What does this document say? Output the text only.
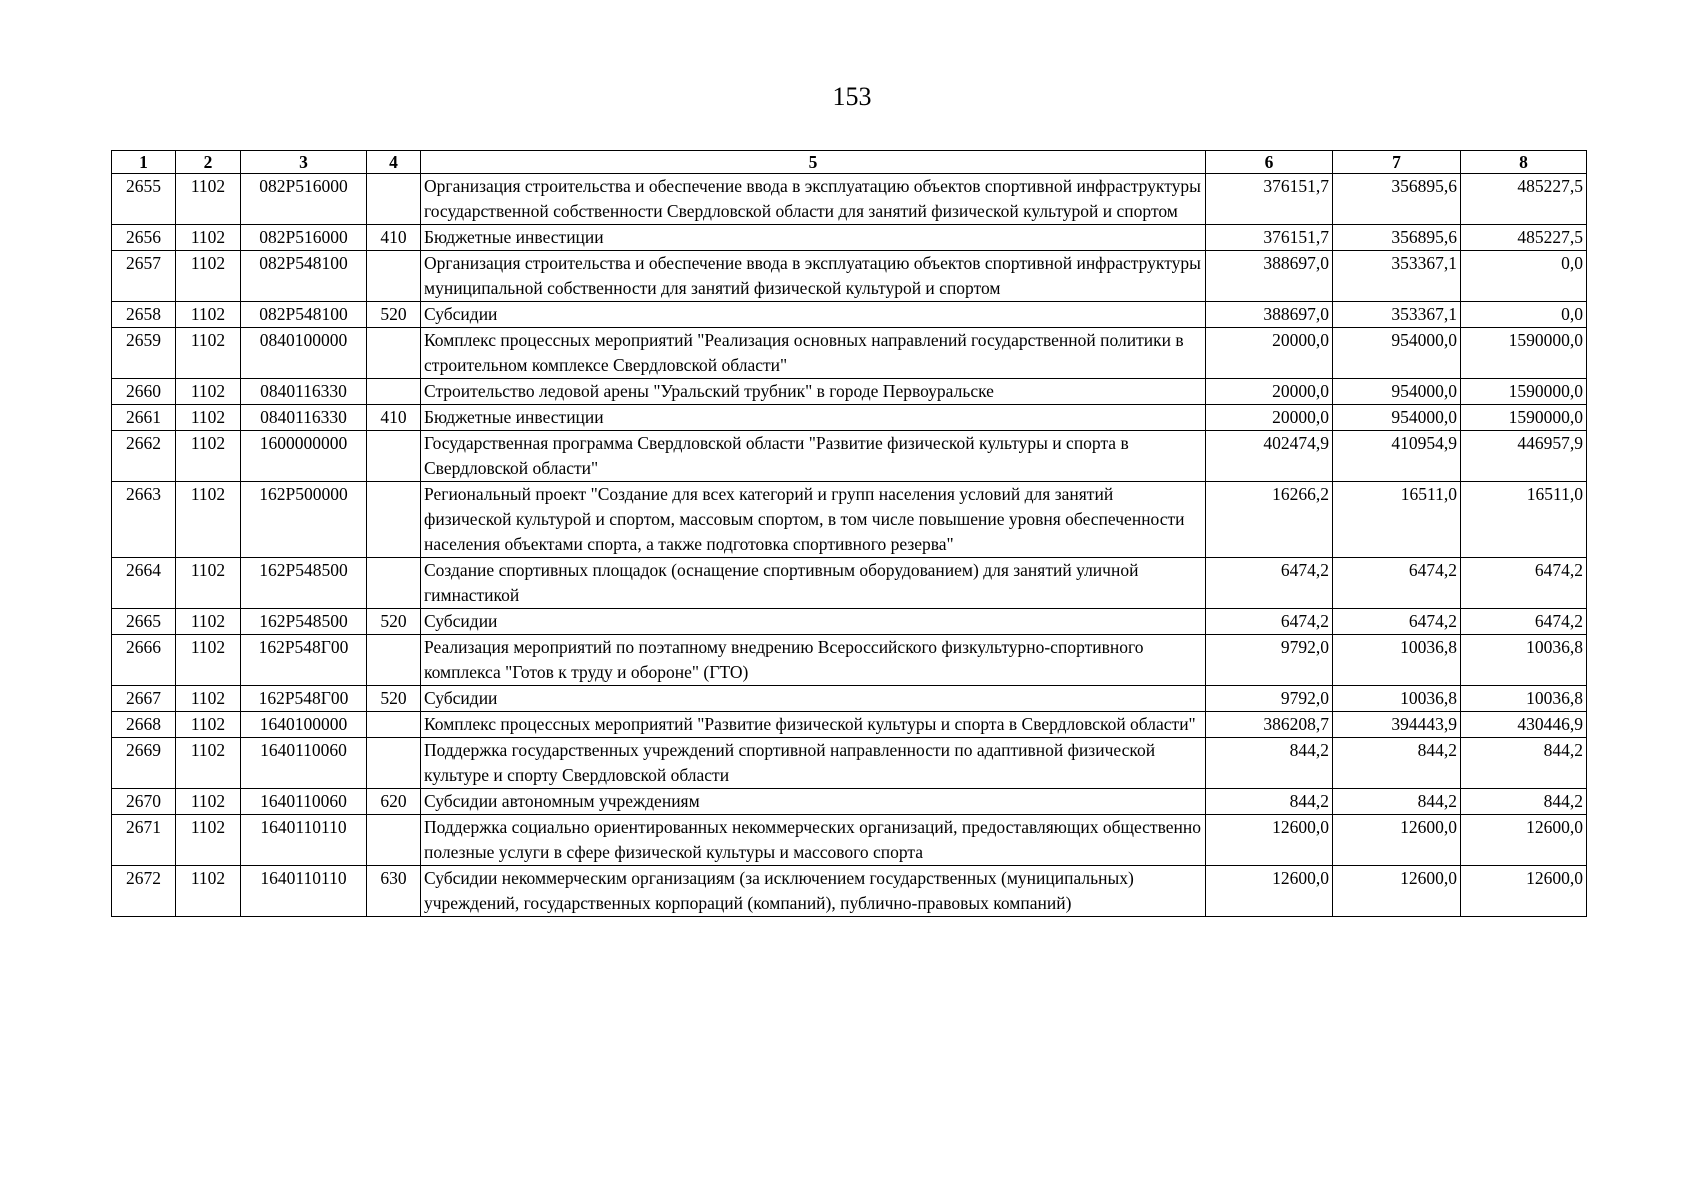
153
1	2	3	4	5	6	7	8
2655	1102	082P516000		Организация строительства и обеспечение ввода в эксплуатацию объектов спортивной инфраструктуры государственной собственности Свердловской области для занятий физической культурой и спортом	376151,7	356895,6	485227,5
2656	1102	082P516000	410	Бюджетные инвестиции	376151,7	356895,6	485227,5
2657	1102	082P548100		Организация строительства и обеспечение ввода в эксплуатацию объектов спортивной инфраструктуры муниципальной собственности для занятий физической культурой и спортом	388697,0	353367,1	0,0
2658	1102	082P548100	520	Субсидии	388697,0	353367,1	0,0
2659	1102	0840100000		Комплекс процессных мероприятий "Реализация основных направлений государственной политики в строительном комплексе Свердловской области"	20000,0	954000,0	1590000,0
2660	1102	0840116330		Строительство ледовой арены "Уральский трубник" в городе Первоуральске	20000,0	954000,0	1590000,0
2661	1102	0840116330	410	Бюджетные инвестиции	20000,0	954000,0	1590000,0
2662	1102	1600000000		Государственная программа Свердловской области "Развитие физической культуры и спорта в Свердловской области"	402474,9	410954,9	446957,9
2663	1102	162P500000		Региональный проект "Создание для всех категорий и групп населения условий для занятий физической культурой и спортом, массовым спортом, в том числе повышение уровня обеспеченности населения объектами спорта, а также подготовка спортивного резерва"	16266,2	16511,0	16511,0
2664	1102	162P548500		Создание спортивных площадок (оснащение спортивным оборудованием) для занятий уличной гимнастикой	6474,2	6474,2	6474,2
2665	1102	162P548500	520	Субсидии	6474,2	6474,2	6474,2
2666	1102	162P548Г00		Реализация мероприятий по поэтапному внедрению Всероссийского физкультурно-спортивного комплекса "Готов к труду и обороне" (ГТО)	9792,0	10036,8	10036,8
2667	1102	162P548Г00	520	Субсидии	9792,0	10036,8	10036,8
2668	1102	1640100000		Комплекс процессных мероприятий "Развитие физической культуры и спорта в Свердловской области"	386208,7	394443,9	430446,9
2669	1102	1640110060		Поддержка государственных учреждений спортивной направленности по адаптивной физической культуре и спорту Свердловской области	844,2	844,2	844,2
2670	1102	1640110060	620	Субсидии автономным учреждениям	844,2	844,2	844,2
2671	1102	1640110110		Поддержка социально ориентированных некоммерческих организаций, предоставляющих общественно полезные услуги в сфере физической культуры и массового спорта	12600,0	12600,0	12600,0
2672	1102	1640110110	630	Субсидии некоммерческим организациям (за исключением государственных (муниципальных) учреждений, государственных корпораций (компаний), публично-правовых компаний)	12600,0	12600,0	12600,0
